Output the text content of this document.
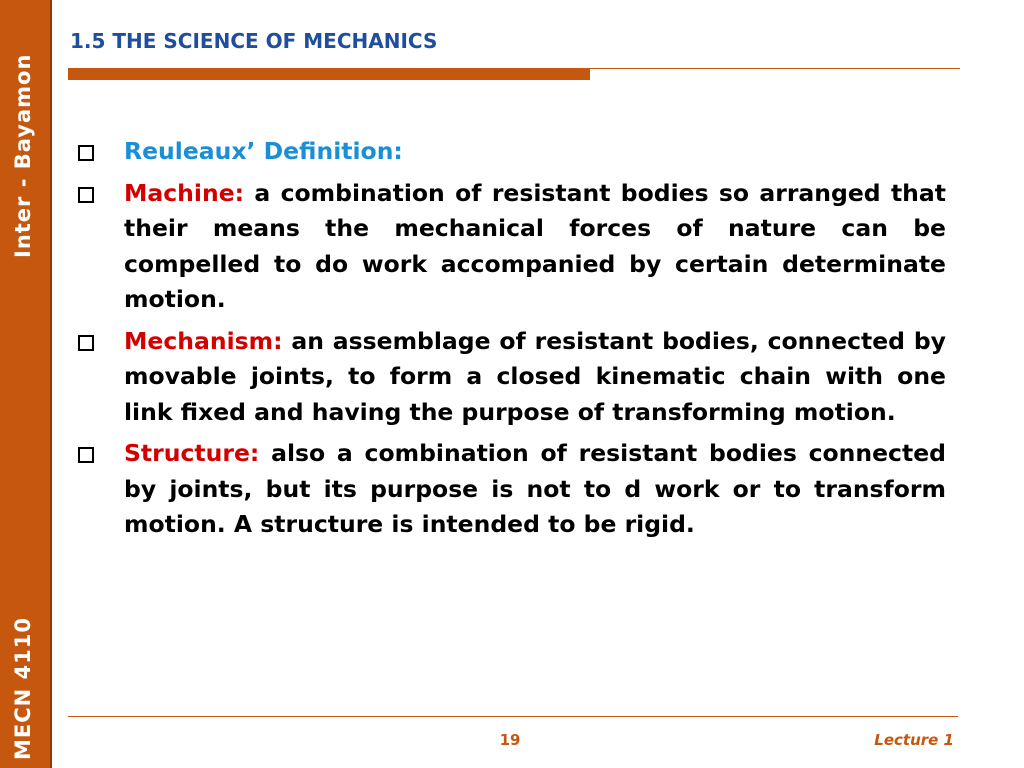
Inter - Bayamon
MECN 4110
1.5 THE SCIENCE OF MECHANICS
Reuleaux’ Definition:
Machine: a combination of resistant bodies so arranged that their means the mechanical forces of nature can be compelled to do work accompanied by certain determinate motion.
Mechanism: an assemblage of resistant bodies, connected by movable joints, to form a closed kinematic chain with one link fixed and having the purpose of transforming motion.
Structure: also a combination of resistant bodies connected by joints, but its purpose is not to d work or to transform motion. A structure is intended to be rigid.
19	Lecture 1
